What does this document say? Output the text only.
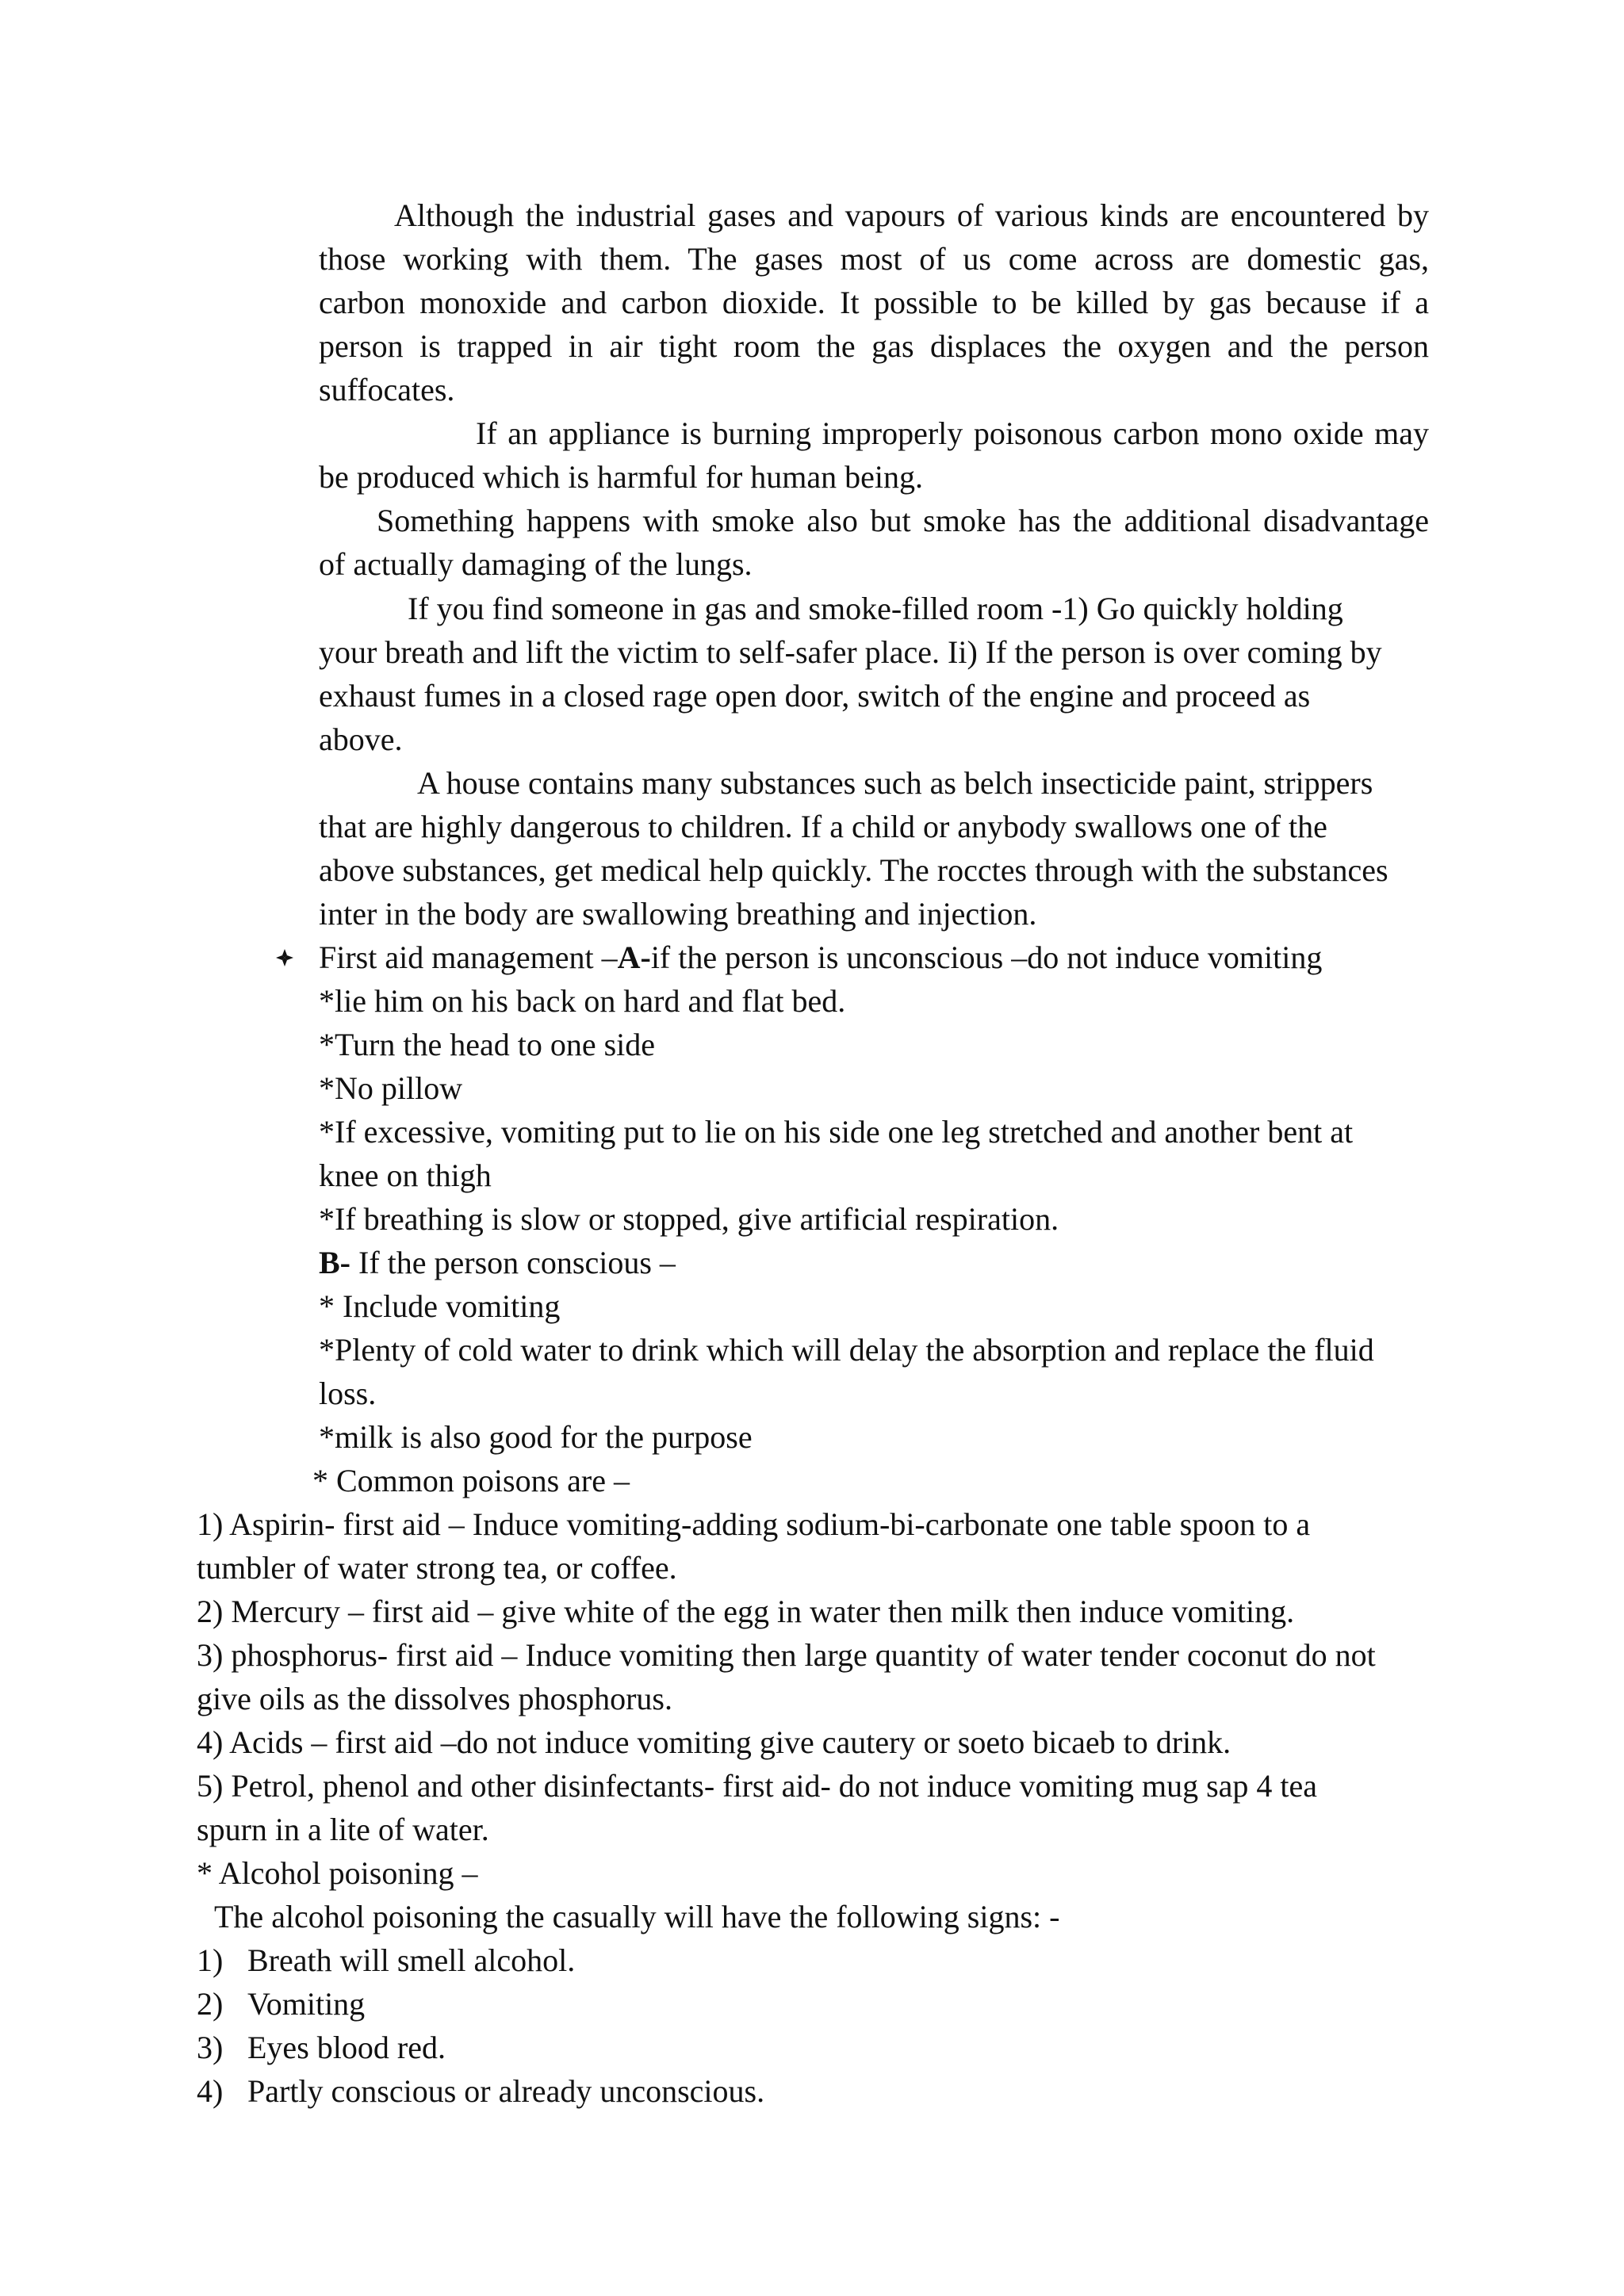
Although the industrial gases and vapours of various kinds are encountered by
those working with them. The gases most of us come across are domestic gas,
carbon monoxide and carbon dioxide. It possible to be killed by gas because if a
person is trapped in air tight room the gas displaces the oxygen and the person
suffocates.
If an appliance is burning improperly poisonous carbon mono oxide may
be produced which is harmful for human being.
Something happens with smoke also but smoke has the additional disadvantage
of actually damaging of the lungs.
If you find someone in gas and smoke-filled room -1) Go quickly holding
your breath and lift the victim to self-safer place. Ii) If the person is over coming by
exhaust fumes in a closed rage open door, switch of the engine and proceed as
above.
A house contains many substances such as belch insecticide paint, strippers
that are highly dangerous to children. If a child or anybody swallows one of the
above substances, get medical help quickly. The rocctes through with the substances
inter in the body are swallowing breathing and injection.
First aid management –A-if the person is unconscious –do not induce vomiting
*lie him on his back on hard and flat bed.
*Turn the head to one side
*No pillow
*If excessive, vomiting put to lie on his side one leg stretched and another bent at
knee on thigh
*If breathing is slow or stopped, give artificial respiration.
B- If the person conscious –
* Include vomiting
*Plenty of cold water to drink which will delay the absorption and replace the fluid
loss.
*milk is also good for the purpose
* Common poisons are –
1) Aspirin- first aid – Induce vomiting-adding sodium-bi-carbonate one table spoon to a
tumbler of water strong tea, or coffee.
2) Mercury – first aid – give white of the egg in water then milk then induce vomiting.
3) phosphorus- first aid – Induce vomiting then large quantity of water tender coconut do not
give oils as the dissolves phosphorus.
4) Acids – first aid –do not induce vomiting give cautery or soeto bicaeb to drink.
5) Petrol, phenol and other disinfectants- first aid- do not induce vomiting mug sap 4 tea
spurn in a lite of water.
* Alcohol poisoning –
The alcohol poisoning the casually will have the following signs: -
1) Breath will smell alcohol.
2) Vomiting
3) Eyes blood red.
4) Partly conscious or already unconscious.
